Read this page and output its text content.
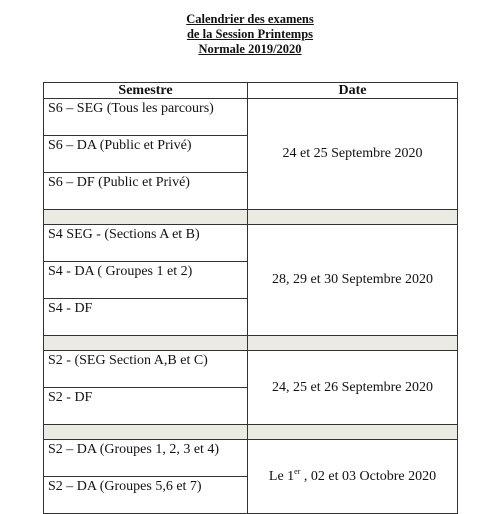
Calendrier des examens
de la Session Printemps
Normale 2019/2020
Semestre	Date
S6 – SEG (Tous les parcours)	24 et 25 Septembre 2020
S6 – DA (Public et Privé)	
S6 – DF (Public et Privé)	

S4 SEG - (Sections A et B)	28, 29 et 30 Septembre 2020
S4 - DA ( Groupes 1 et 2)	
S4 - DF	

S2 - (SEG Section A,B et C)	24, 25 et 26 Septembre 2020
S2 - DF	

S2 – DA (Groupes 1, 2, 3 et 4)	Le 1er , 02 et 03 Octobre 2020
S2 – DA (Groupes 5,6 et 7)	
